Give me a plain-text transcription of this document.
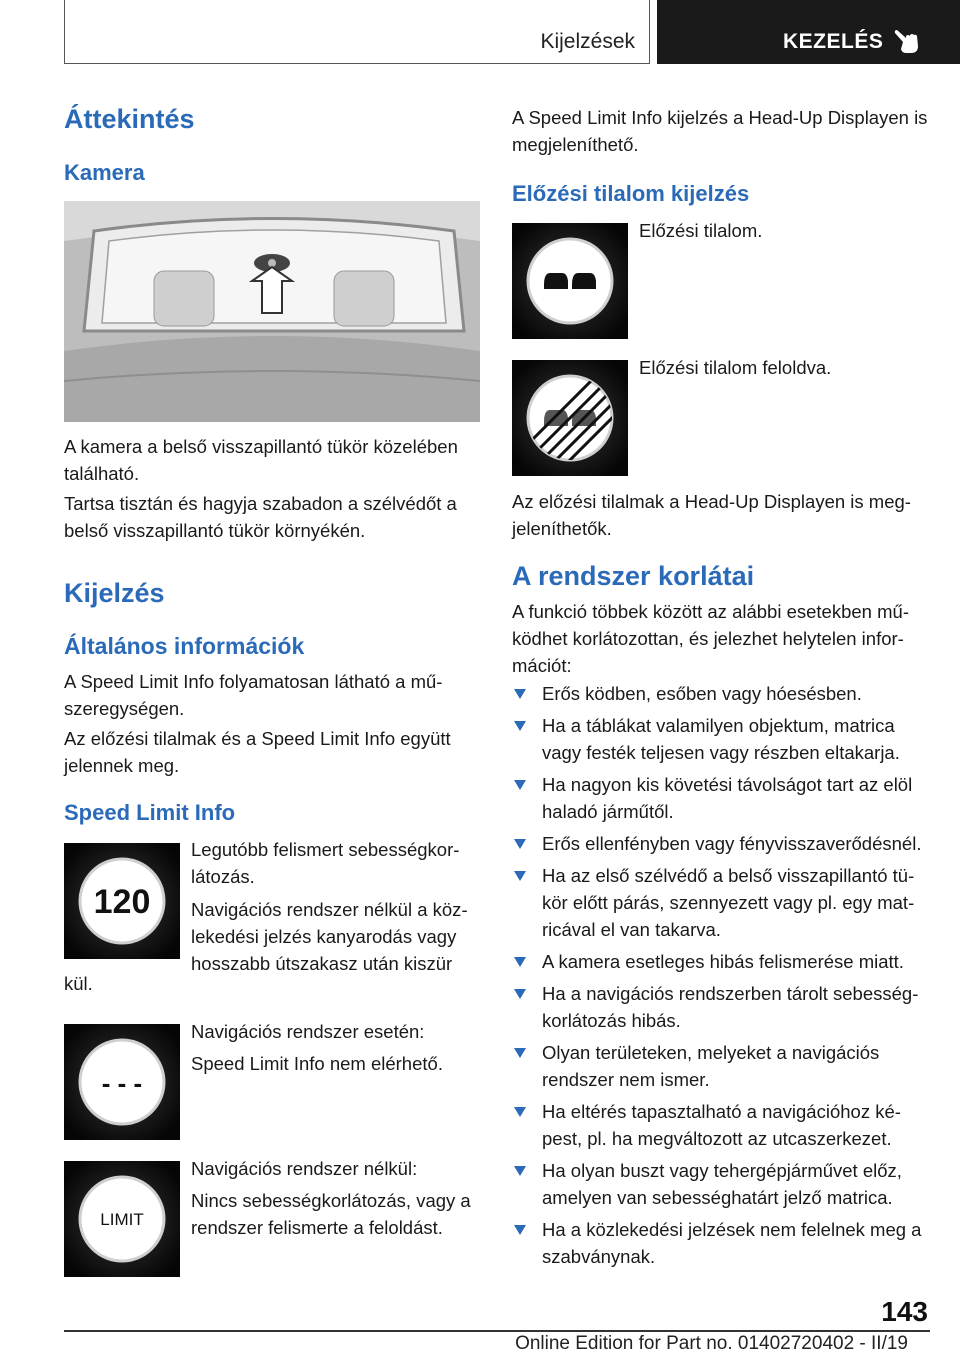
Kijelzések	KEZELÉS
Áttekintés
Kamera
A kamera a belső visszapillantó tükör közelében található.
Tartsa tisztán és hagyja szabadon a szélvédőt a belső visszapillantó tükör környékén.
Kijelzés
Általános információk
A Speed Limit Info folyamatosan látható a műszeregységen.
Az előzési tilalmak és a Speed Limit Info együtt jelennek meg.
Speed Limit Info
120
Legutóbb felismert sebességkorlátozás.
Navigációs rendszer nélkül a közlekedési jelzés kanyarodás vagy hosszabb útszakasz után kiszür
kül.
- - -
Navigációs rendszer esetén:
Speed Limit Info nem elérhető.
LIMIT
Navigációs rendszer nélkül:
Nincs sebességkorlátozás, vagy a rendszer felismerte a feloldást.
A Speed Limit Info kijelzés a Head-Up Displayen is megjeleníthető.
Előzési tilalom kijelzés
Előzési tilalom.
Előzési tilalom feloldva.
Az előzési tilalmak a Head-Up Displayen is megjeleníthetők.
A rendszer korlátai
A funkció többek között az alábbi esetekben működhet korlátozottan, és jelezhet helytelen információt:
Erős ködben, esőben vagy hóesésben.
Ha a táblákat valamilyen objektum, matrica vagy festék teljesen vagy részben eltakarja.
Ha nagyon kis követési távolságot tart az elöl haladó járműtől.
Erős ellenfényben vagy fényvisszaverődésnél.
Ha az első szélvédő a belső visszapillantó tükör előtt párás, szennyezett vagy pl. egy matricával el van takarva.
A kamera esetleges hibás felismerése miatt.
Ha a navigációs rendszerben tárolt sebességkorlátozás hibás.
Olyan területeken, melyeket a navigációs rendszer nem ismer.
Ha eltérés tapasztalható a navigációhoz képest, pl. ha megváltozott az utcaszerkezet.
Ha olyan buszt vagy tehergépjárművet előz, amelyen van sebességhatárt jelző matrica.
Ha a közlekedési jelzések nem felelnek meg a szabványnak.
143
Online Edition for Part no. 01402720402 - II/19
